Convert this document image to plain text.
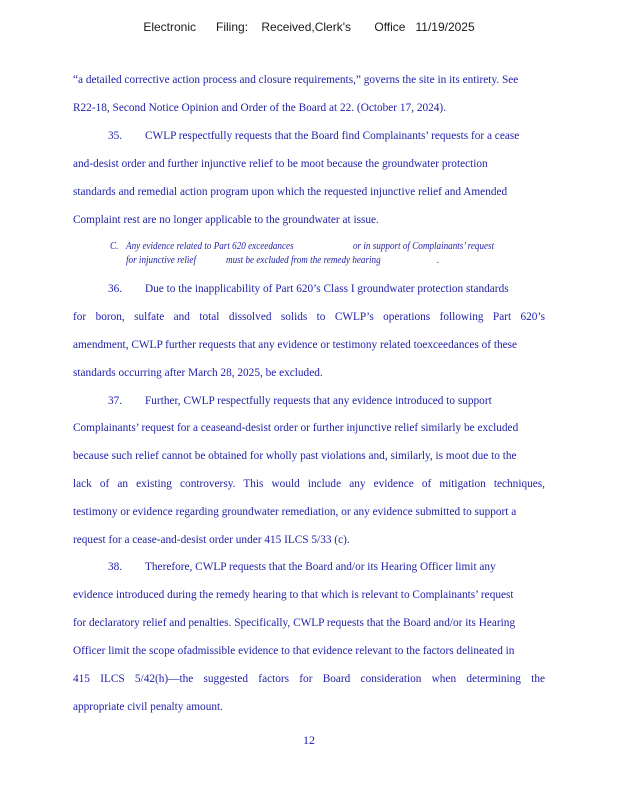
Electronic      Filing:    Received,Clerk's       Office   11/19/2025
“a detailed corrective action process and closure requirements,” governs the site in its entirety. See
R22-18, Second Notice Opinion and Order of the Board at 22. (October 17, 2024).
35. CWLP respectfully requests that the Board find Complainants’ requests for a cease
and-desist order and further injunctive relief to be moot because the groundwater protection
standards and remedial action program upon which the requested injunctive relief and Amended
Complaint rest are no longer applicable to the groundwater at issue.
C. Any evidence related to Part 620 exceedances	or in support of Complainants’ request
for injunctive relief	must be excluded from the remedy hearing	.
36. Due to the inapplicability of Part 620’s Class I groundwater protection standards
for boron, sulfate and total dissolved solids to CWLP’s operations following Part 620’s
amendment, CWLP further requests that any evidence or testimony related toexceedances of these
standards occurring after March 28, 2025, be excluded.
37. Further, CWLP respectfully requests that any evidence introduced to support
Complainants’ request for a ceaseand-desist order or further injunctive relief similarly be excluded
because such relief cannot be obtained for wholly past violations and, similarly, is moot due to the
lack of an existing controversy. This would include any evidence of mitigation techniques,
testimony or evidence regarding groundwater remediation, or any evidence submitted to support a
request for a cease-and-desist order under 415 ILCS 5/33 (c).
38. Therefore, CWLP requests that the Board and/or its Hearing Officer limit any
evidence introduced during the remedy hearing to that which is relevant to Complainants’ request
for declaratory relief and penalties. Specifically, CWLP requests that the Board and/or its Hearing
Officer limit the scope ofadmissible evidence to that evidence relevant to the factors delineated in
415 ILCS 5/42(h)—the suggested factors for Board consideration when determining the
appropriate civil penalty amount.
12
